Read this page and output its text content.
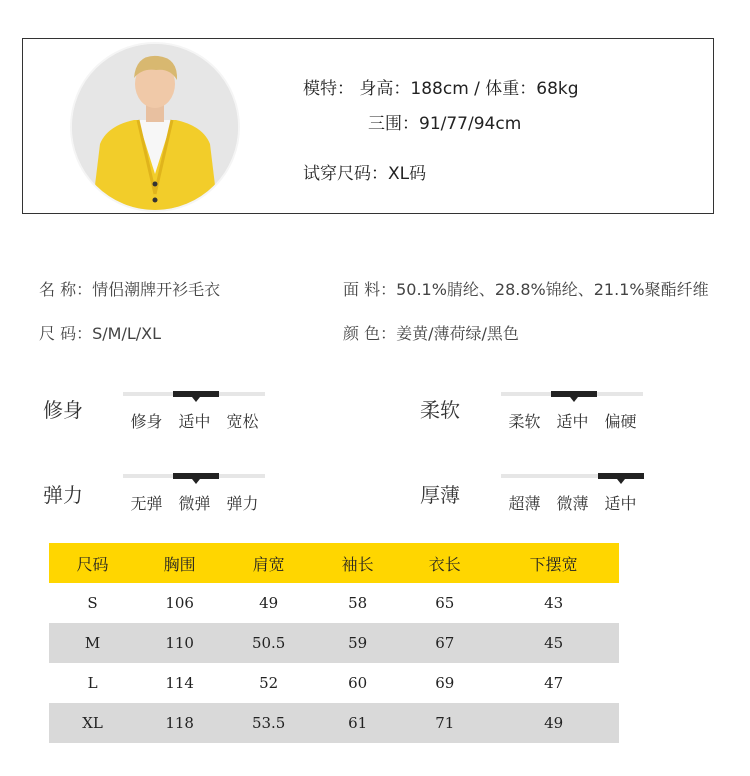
模特： 身高：188cm / 体重：68kg
三围：91/77/94cm
试穿尺码：XL码
名 称：情侣潮牌开衫毛衣	面 料：50.1%腈纶、28.8%锦纶、21.1%聚酯纤维
尺 码：S/M/L/XL	颜 色：姜黄/薄荷绿/黑色
修身	修身 适中 宽松	柔软	柔软 适中 偏硬
弹力	无弹 微弹 弹力	厚薄	超薄 微薄 适中
尺码	胸围	肩宽	袖长	衣长	下摆宽
S	106	49	58	65	43
M	110	50.5	59	67	45
L	114	52	60	69	47
XL	118	53.5	61	71	49
